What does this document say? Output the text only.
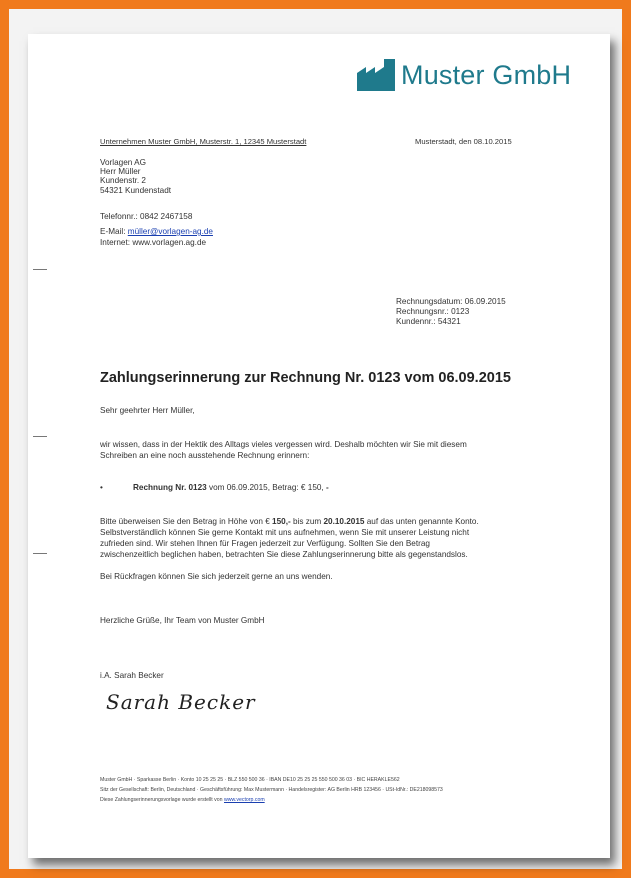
Muster GmbH
Unternehmen Muster GmbH, Musterstr. 1, 12345 Musterstadt	Musterstadt, den 08.10.2015
Vorlagen AG
Herr Müller
Kundenstr. 2
54321 Kundenstadt
Telefonnr.: 0842 2467158
E-Mail: müller@vorlagen-ag.de
Internet: www.vorlagen.ag.de
Rechnungsdatum: 06.09.2015
Rechnungsnr.: 0123
Kundennr.: 54321
Zahlungserinnerung zur Rechnung Nr. 0123 vom 06.09.2015
Sehr geehrter Herr Müller,
wir wissen, dass in der Hektik des Alltags vieles vergessen wird. Deshalb möchten wir Sie mit diesem
Schreiben an eine noch ausstehende Rechnung erinnern:
•	Rechnung Nr. 0123 vom 06.09.2015, Betrag: € 150, -
Bitte überweisen Sie den Betrag in Höhe von € 150,- bis zum 20.10.2015 auf das unten genannte Konto.
Selbstverständlich können Sie gerne Kontakt mit uns aufnehmen, wenn Sie mit unserer Leistung nicht
zufrieden sind. Wir stehen Ihnen für Fragen jederzeit zur Verfügung. Sollten Sie den Betrag
zwischenzeitlich beglichen haben, betrachten Sie diese Zahlungserinnerung bitte als gegenstandslos.
Bei Rückfragen können Sie sich jederzeit gerne an uns wenden.
Herzliche Grüße, Ihr Team von Muster GmbH
i.A. Sarah Becker
Sarah Becker
Muster GmbH · Sparkasse Berlin · Konto 10 25 25 25 · BLZ 550 500 36 · IBAN DE10 25 25 25 550 500 36 03 · BIC HERAKLE562
Sitz der Gesellschaft: Berlin, Deutschland · Geschäftsführung: Max Mustermann · Handelsregister: AG Berlin HRB 123456 · USt-IdNr.: DE218098573
Diese Zahlungserinnerungsvorlage wurde erstellt von www.vectorp.com
